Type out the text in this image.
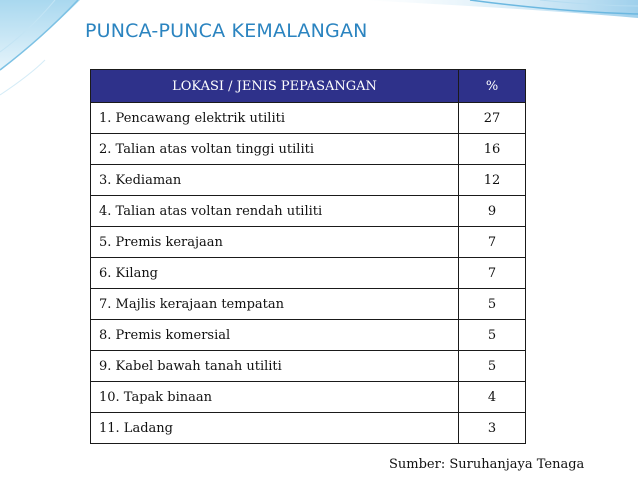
PUNCA-PUNCA KEMALANGAN
LOKASI / JENIS PEPASANGAN	%
1. Pencawang elektrik utiliti	27
2. Talian atas voltan tinggi utiliti	16
3. Kediaman	12
4. Talian atas voltan rendah utiliti	9
5. Premis kerajaan	7
6. Kilang	7
7. Majlis kerajaan tempatan	5
8. Premis komersial	5
9. Kabel bawah tanah utiliti	5
10. Tapak binaan	4
11. Ladang	3
Sumber: Suruhanjaya Tenaga
